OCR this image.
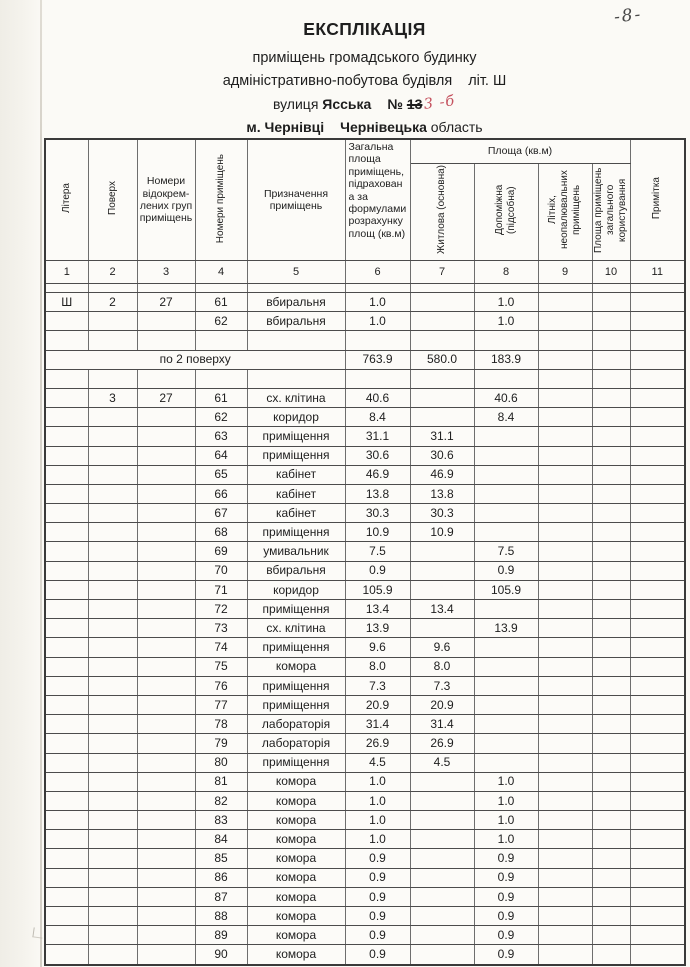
-8-
ЕКСПЛІКАЦІЯ
приміщень громадського будинку
адміністративно-побутова будівля літ. Ш
вулиця Ясська № 133 -б
м. Чернівці Чернівецька область
Літера	Поверх	Номери відокрем-лених груп приміщень	Номери приміщень	Призначення приміщень	Загальна площа приміщень, підрахована за формулами розрахунку площ (кв.м)	Площа (кв.м)				Примітка
						Житлова (основна)	Допоміжна (підсобна)	Літніх, неопалювальних приміщень	Площа приміщень загального користування	
1	2	3	4	5	6	7	8	9	10	11

Ш	2	27	61	вбиральня	1.0		1.0			
			62	вбиральня	1.0		1.0			

по 2 поверху					763.9	580.0	183.9			

	3	27	61	сх. клітина	40.6		40.6			
			62	коридор	8.4		8.4			
			63	приміщення	31.1	31.1				
			64	приміщення	30.6	30.6				
			65	кабінет	46.9	46.9				
			66	кабінет	13.8	13.8				
			67	кабінет	30.3	30.3				
			68	приміщення	10.9	10.9				
			69	умивальник	7.5		7.5			
			70	вбиральня	0.9		0.9			
			71	коридор	105.9		105.9			
			72	приміщення	13.4	13.4				
			73	сх. клітина	13.9		13.9			
			74	приміщення	9.6	9.6				
			75	комора	8.0	8.0				
			76	приміщення	7.3	7.3				
			77	приміщення	20.9	20.9				
			78	лабораторія	31.4	31.4				
			79	лабораторія	26.9	26.9				
			80	приміщення	4.5	4.5				
			81	комора	1.0		1.0			
			82	комора	1.0		1.0			
			83	комора	1.0		1.0			
			84	комора	1.0		1.0			
			85	комора	0.9		0.9			
			86	комора	0.9		0.9			
			87	комора	0.9		0.9			
			88	комора	0.9		0.9			
			89	комора	0.9		0.9			
			90	комора	0.9		0.9			
